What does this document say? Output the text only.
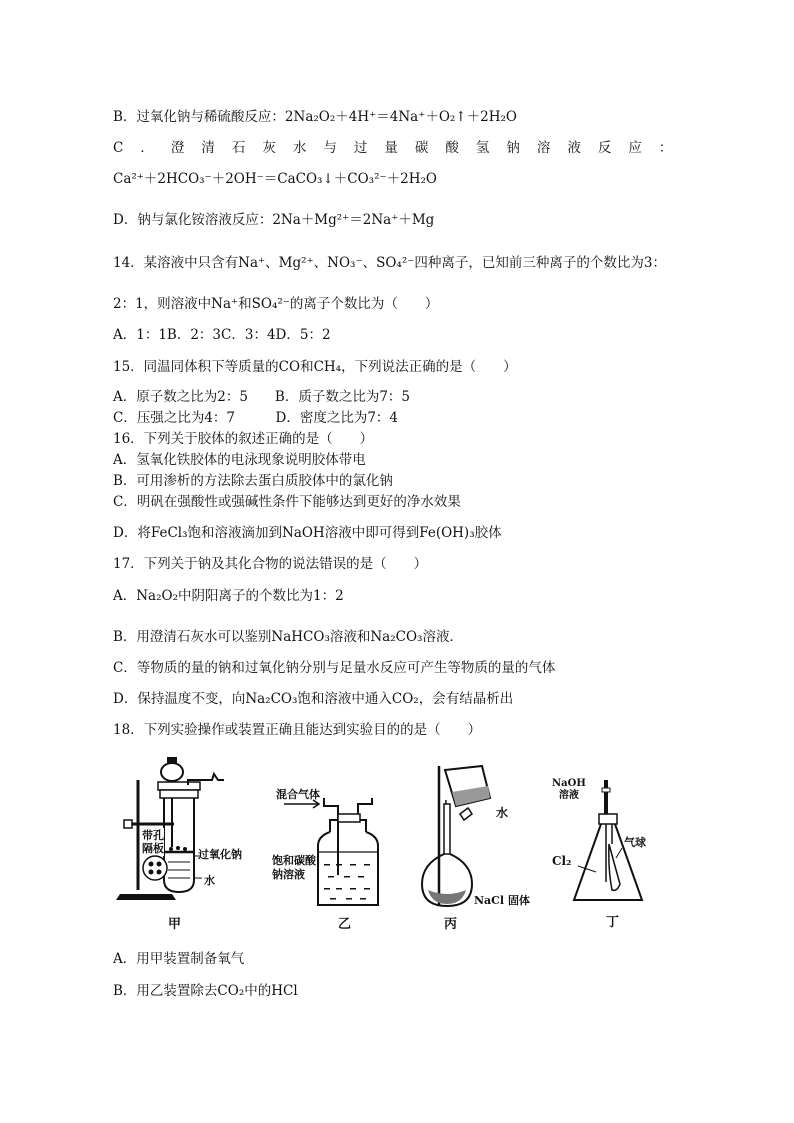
B．过氧化钠与稀硫酸反应：2Na₂O₂＋4H⁺＝4Na⁺＋O₂↑＋2H₂O
C．澄清石灰水与过量碳酸氢钠溶液反应：
Ca²⁺＋2HCO₃⁻＋2OH⁻＝CaCO₃↓＋CO₃²⁻＋2H₂O
D．钠与氯化铵溶液反应：2Na＋Mg²⁺＝2Na⁺＋Mg
14．某溶液中只含有Na⁺、Mg²⁺、NO₃⁻、SO₄²⁻四种离子，已知前三种离子的个数比为3：
2：1，则溶液中Na⁺和SO₄²⁻的离子个数比为（　　）
A．1：1B．2：3C．3：4D．5：2
15．同温同体积下等质量的CO和CH₄，下列说法正确的是（　　）
A．原子数之比为2：5　　B．质子数之比为7：5
C．压强之比为4：7　　　D．密度之比为7：4
16．下列关于胶体的叙述正确的是（　　）
A．氢氧化铁胶体的电泳现象说明胶体带电
B．可用渗析的方法除去蛋白质胶体中的氯化钠
C．明矾在强酸性或强碱性条件下能够达到更好的净水效果
D．将FeCl₃饱和溶液滴加到NaOH溶液中即可得到Fe(OH)₃胶体
17．下列关于钠及其化合物的说法错误的是（　　）
A．Na₂O₂中阴阳离子的个数比为1：2
B．用澄清石灰水可以鉴别NaHCO₃溶液和Na₂CO₃溶液．
C．等物质的量的钠和过氧化钠分别与足量水反应可产生等物质的量的气体
D．保持温度不变，向Na₂CO₃饱和溶液中通入CO₂，会有结晶析出
18．下列实验操作或装置正确且能达到实验目的的是（　　）
带孔
隔板	过氧化钠
水
甲
混合气体
饱和碳酸
钠溶液
乙
水
NaCl 固体
丙
NaOH
溶液
气球
Cl₂
丁
A．用甲装置制备氧气
B．用乙装置除去CO₂中的HCl
